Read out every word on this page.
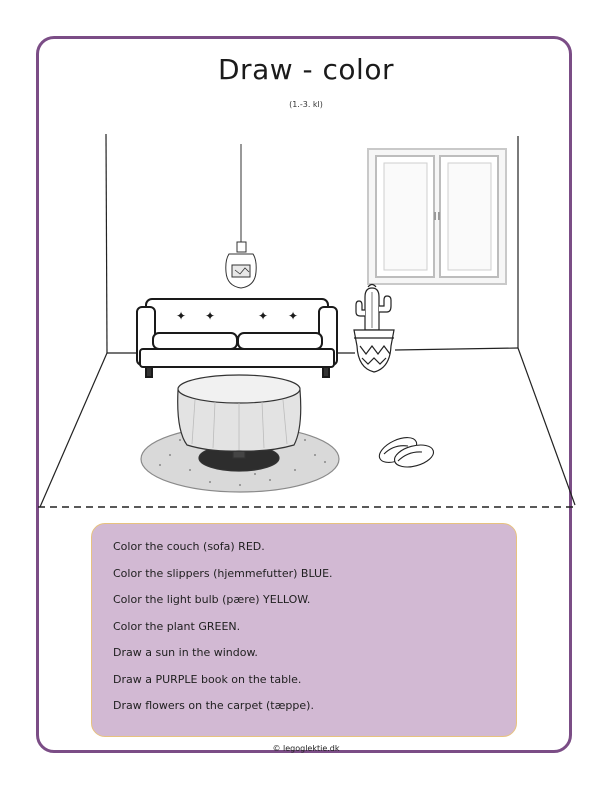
Draw - color
(1.-3. kl)
✦ ✦	✦ ✦
Color the couch (sofa) RED.
Color the slippers (hjemmefutter) BLUE.
Color the light bulb (pære) YELLOW.
Color the plant GREEN.
Draw a sun in the window.
Draw a PURPLE book on the table.
Draw flowers on the carpet (tæppe).
© legoglektie.dk
